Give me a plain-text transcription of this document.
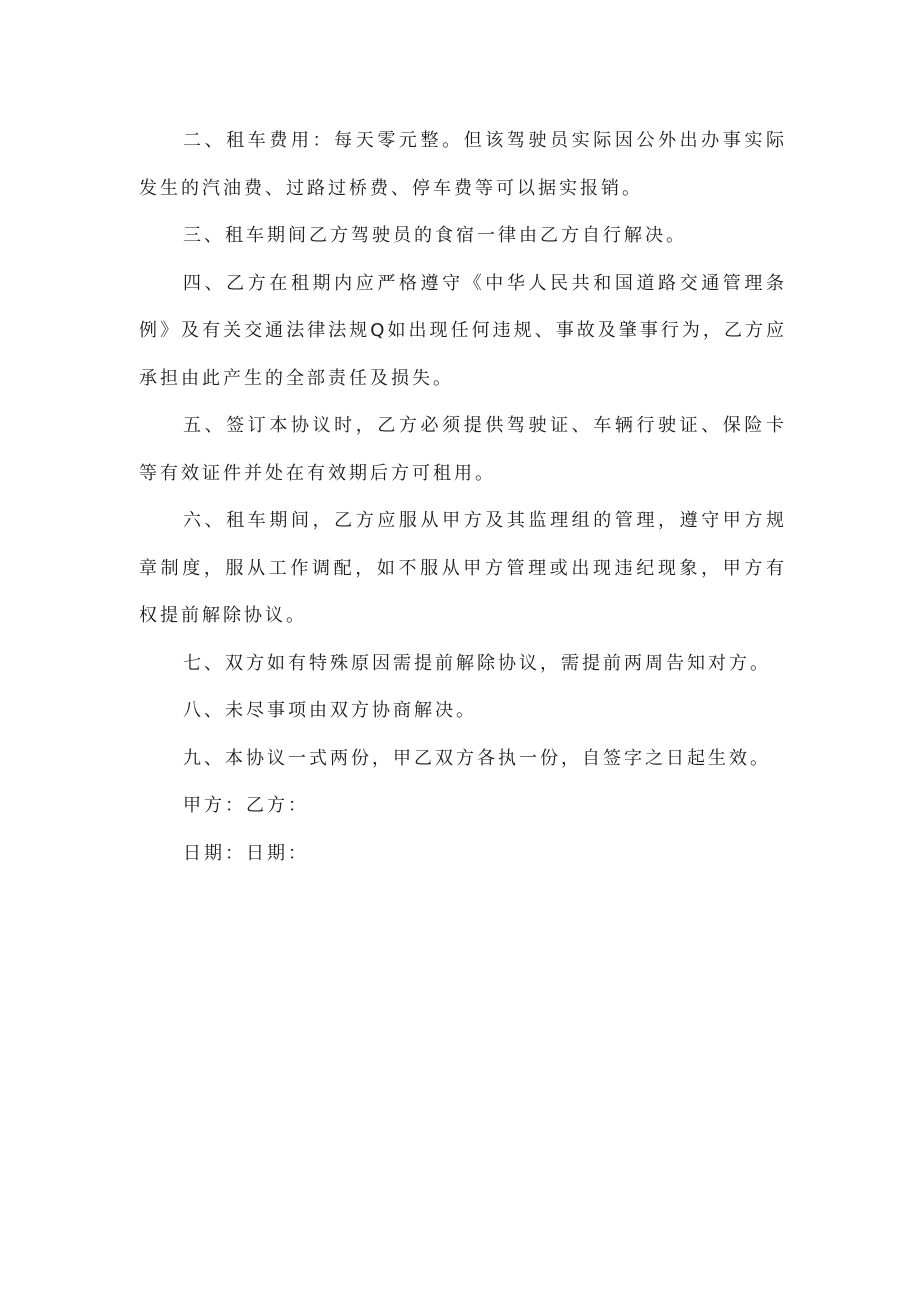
二、租车费用：每天零元整。但该驾驶员实际因公外出办事实际发生的汽油费、过路过桥费、停车费等可以据实报销。

三、租车期间乙方驾驶员的食宿一律由乙方自行解决。

四、乙方在租期内应严格遵守《中华人民共和国道路交通管理条例》及有关交通法律法规Q如出现任何违规、事故及肇事行为，乙方应承担由此产生的全部责任及损失。

五、签订本协议时，乙方必须提供驾驶证、车辆行驶证、保险卡等有效证件并处在有效期后方可租用。

六、租车期间，乙方应服从甲方及其监理组的管理，遵守甲方规章制度，服从工作调配，如不服从甲方管理或出现违纪现象，甲方有权提前解除协议。

七、双方如有特殊原因需提前解除协议，需提前两周告知对方。

八、未尽事项由双方协商解决。

九、本协议一式两份，甲乙双方各执一份，自签字之日起生效。

甲方：乙方：

日期：日期：
